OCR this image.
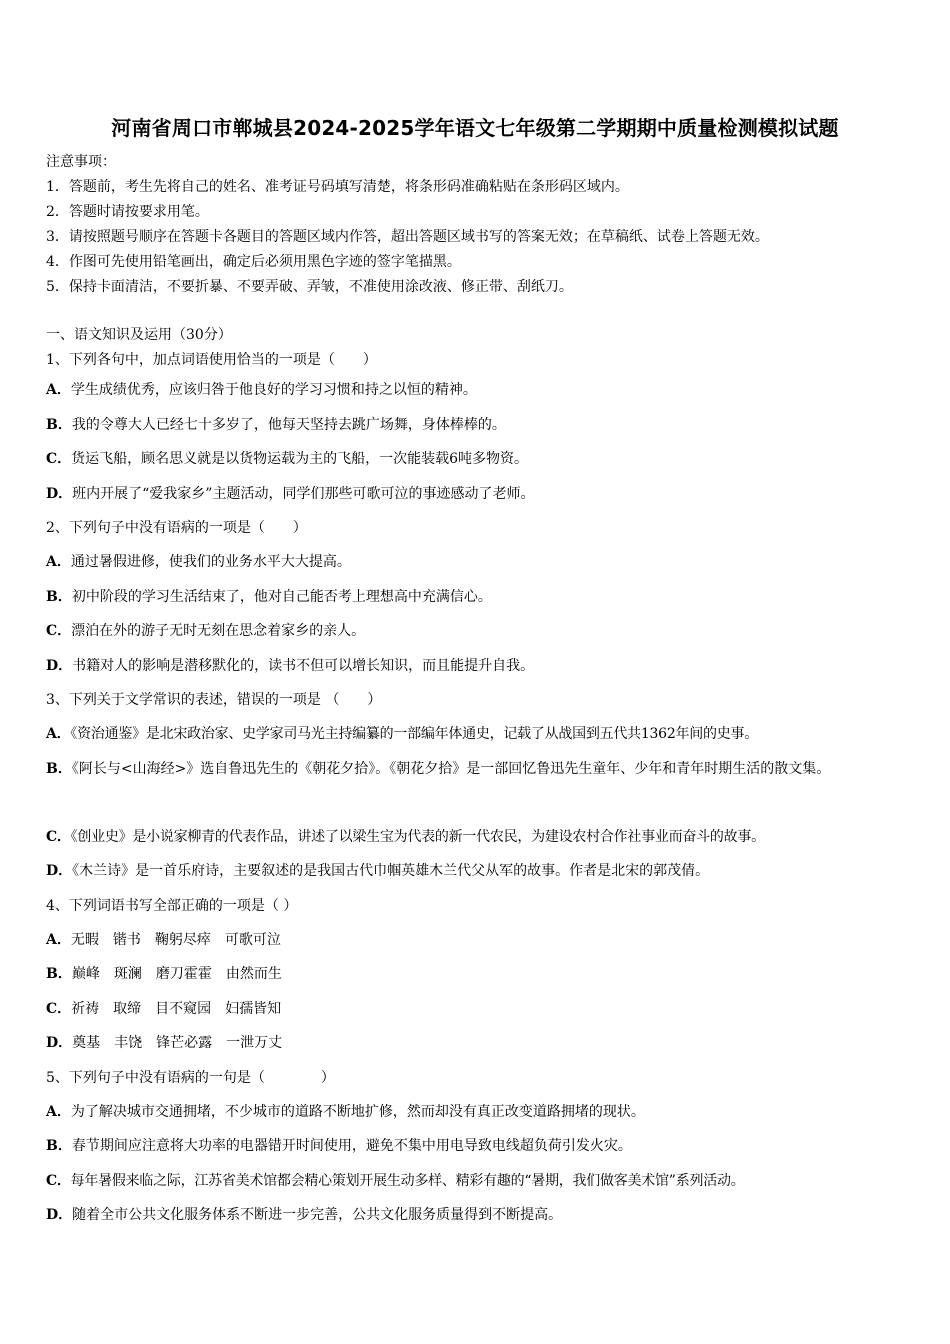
河南省周口市郸城县2024-2025学年语文七年级第二学期期中质量检测模拟试题
注意事项：
1．答题前，考生先将自己的姓名、准考证号码填写清楚，将条形码准确粘贴在条形码区域内。
2．答题时请按要求用笔。
3．请按照题号顺序在答题卡各题目的答题区域内作答，超出答题区域书写的答案无效；在草稿纸、试卷上答题无效。
4．作图可先使用铅笔画出，确定后必须用黑色字迹的签字笔描黑。
5．保持卡面清洁，不要折暴、不要弄破、弄皱，不准使用涂改液、修正带、刮纸刀。
一、语文知识及运用（30分）
1、下列各句中，加点词语使用恰当的一项是（　　）
A．学生成绩优秀，应该归咎于他良好的学习习惯和持之以恒的精神。
B．我的令尊大人已经七十多岁了，他每天坚持去跳广场舞，身体棒棒的。
C．货运飞船，顾名思义就是以货物运载为主的飞船，一次能装载6吨多物资。
D．班内开展了“爱我家乡”主题活动，同学们那些可歌可泣的事迹感动了老师。
2、下列句子中没有语病的一项是（　　）
A．通过暑假进修，使我们的业务水平大大提高。
B．初中阶段的学习生活结束了，他对自己能否考上理想高中充满信心。
C．漂泊在外的游子无时无刻在思念着家乡的亲人。
D．书籍对人的影响是潜移默化的，读书不但可以增长知识，而且能提升自我。
3、下列关于文学常识的表述，错误的一项是 （　　）
A．《资治通鉴》是北宋政治家、史学家司马光主持编纂的一部编年体通史，记载了从战国到五代共1362年间的史事。
B．《阿长与<山海经>》选自鲁迅先生的《朝花夕拾》。《朝花夕拾》是一部回忆鲁迅先生童年、少年和青年时期生活的散文集。
C．《创业史》是小说家柳青的代表作品，讲述了以梁生宝为代表的新一代农民，为建设农村合作社事业而奋斗的故事。
D．《木兰诗》是一首乐府诗，主要叙述的是我国古代巾帼英雄木兰代父从军的故事。作者是北宋的郭茂倩。
4、下列词语书写全部正确的一项是（ ）
A．无暇　锴书　鞠躬尽瘁　可歌可泣
B．巅峰　斑澜　磨刀霍霍　由然而生
C．祈祷　取缔　目不窥园　妇孺皆知
D．奠基　丰饶　锋芒必露　一泄万丈
5、下列句子中没有语病的一句是（　　　　）
A．为了解决城市交通拥堵，不少城市的道路不断地扩修，然而却没有真正改变道路拥堵的现状。
B．春节期间应注意将大功率的电器错开时间使用，避免不集中用电导致电线超负荷引发火灾。
C．每年暑假来临之际，江苏省美术馆都会精心策划开展生动多样、精彩有趣的“暑期，我们做客美术馆”系列活动。
D．随着全市公共文化服务体系不断进一步完善，公共文化服务质量得到不断提高。
